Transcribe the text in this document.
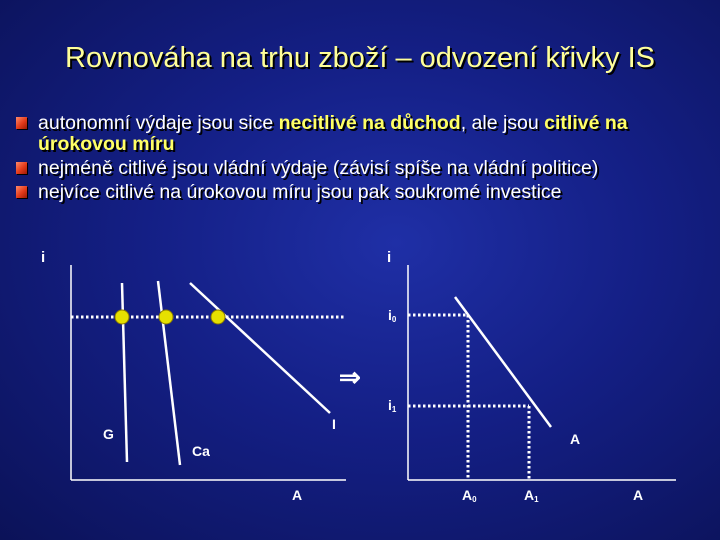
Rovnováha na trhu zboží – odvození křivky IS
autonomní výdaje jsou sice necitlivé na důchod, ale jsou citlivé na úrokovou míru
nejméně citlivé jsou vládní výdaje (závisí spíše na vládní politice)
nejvíce citlivé na úrokovou míru jsou pak soukromé investice
i
A
G
Ca
I
⇒
i
A
i0
i1
A0	A1
A
